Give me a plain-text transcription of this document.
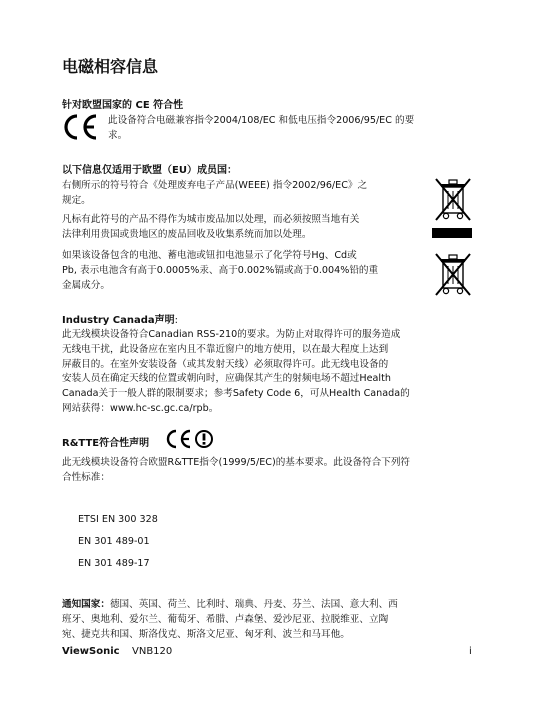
电磁相容信息
针对欧盟国家的 CE 符合性
此设备符合电磁兼容指令2004/108/EC 和低电压指令2006/95/EC 的要
求。
以下信息仅适用于欧盟（EU）成员国：
右侧所示的符号符合《处理废弃电子产品(WEEE) 指令2002/96/EC》之
规定。
凡标有此符号的产品不得作为城市废品加以处理，而必须按照当地有关
法律利用贵国或贵地区的废品回收及收集系统而加以处理。
如果该设备包含的电池、蓄电池或钮扣电池显示了化学符号Hg、Cd或
Pb, 表示电池含有高于0.0005%汞、高于0.002%镉或高于0.004%铅的重
金属成分。
Industry Canada声明:
此无线模块设备符合Canadian RSS-210的要求。为防止对取得许可的服务造成
无线电干扰，此设备应在室内且不靠近窗户的地方使用，以在最大程度上达到
屏蔽目的。在室外安装设备（或其发射天线）必须取得许可。此无线电设备的
安装人员在确定天线的位置或朝向时，应确保其产生的射频电场不超过Health
Canada关于一般人群的限制要求；参考Safety Code 6，可从Health Canada的
网站获得：www.hc-sc.gc.ca/rpb。
R&TTE符合性声明
此无线模块设备符合欧盟R&TTE指令(1999/5/EC)的基本要求。此设备符合下列符
合性标准：
ETSI EN 300 328
EN 301 489-01
EN 301 489-17
通知国家：德国、英国、荷兰、比利时、瑞典、丹麦、芬兰、法国、意大利、西
班牙、奥地利、爱尔兰、葡萄牙、希腊、卢森堡、爱沙尼亚、拉脱维亚、立陶
宛、捷克共和国、斯洛伐克、斯洛文尼亚、匈牙利、波兰和马耳他。
ViewSonic VNB120	i
